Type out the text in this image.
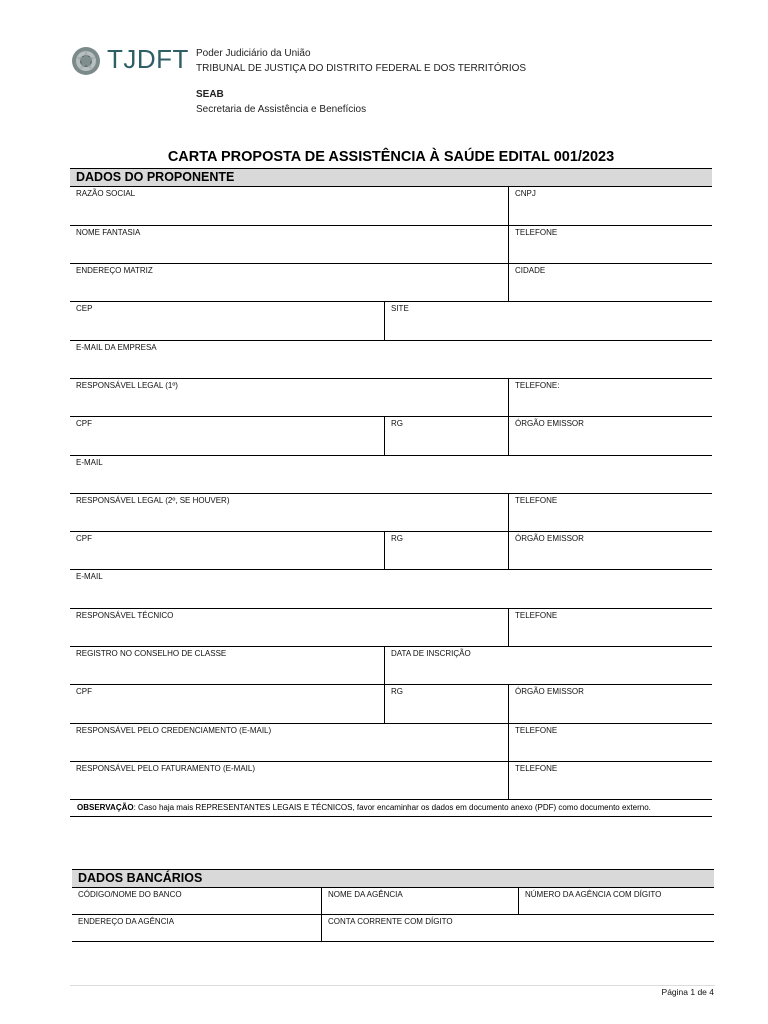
TJDFT Poder Judiciário da União
TRIBUNAL DE JUSTIÇA DO DISTRITO FEDERAL E DOS TERRITÓRIOS
SEAB
Secretaria de Assistência e Benefícios
CARTA PROPOSTA DE ASSISTÊNCIA À SAÚDE EDITAL 001/2023
DADOS DO PROPONENTE
RAZÃO SOCIAL	CNPJ
NOME FANTASIA	TELEFONE
ENDEREÇO MATRIZ	CIDADE
CEP	SITE
E-MAIL DA EMPRESA
RESPONSÁVEL LEGAL (1º)	TELEFONE:
CPF	RG	ÓRGÃO EMISSOR
E-MAIL
RESPONSÁVEL LEGAL (2º, SE HOUVER)	TELEFONE
CPF	RG	ÓRGÃO EMISSOR
E-MAIL
RESPONSÁVEL TÉCNICO	TELEFONE
REGISTRO NO CONSELHO DE CLASSE	DATA DE INSCRIÇÃO
CPF	RG	ÓRGÃO EMISSOR
RESPONSÁVEL PELO CREDENCIAMENTO (E-MAIL)	TELEFONE
RESPONSÁVEL PELO FATURAMENTO (E-MAIL)	TELEFONE
OBSERVAÇÃO: Caso haja mais REPRESENTANTES LEGAIS E TÉCNICOS, favor encaminhar os dados em documento anexo (PDF) como documento externo.
DADOS BANCÁRIOS
CÓDIGO/NOME DO BANCO	NOME DA AGÊNCIA	NÚMERO DA AGÊNCIA COM DÍGITO
ENDEREÇO DA AGÊNCIA	CONTA CORRENTE COM DÍGITO
Página 1 de 4
